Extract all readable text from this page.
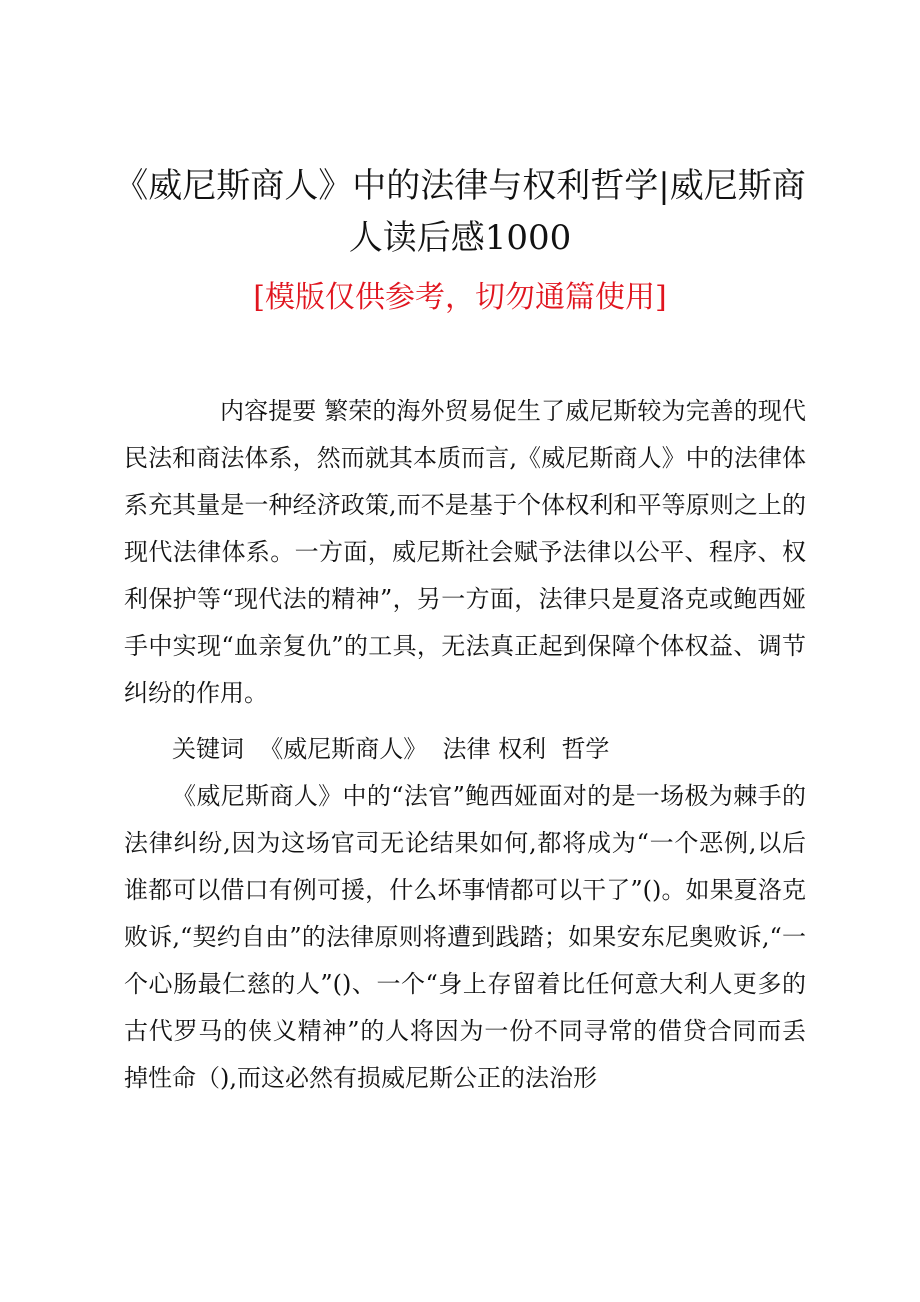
《威尼斯商人》中的法律与权利哲学|威尼斯商人读后感1000

[模版仅供参考，切勿通篇使用]

内容提要 繁荣的海外贸易促生了威尼斯较为完善的现代民法和商法体系，然而就其本质而言,《威尼斯商人》中的法律体系充其量是一种经济政策,而不是基于个体权利和平等原则之上的现代法律体系。一方面，威尼斯社会赋予法律以公平、程序、权利保护等“现代法的精神”，另一方面，法律只是夏洛克或鲍西娅手中实现“血亲复仇”的工具，无法真正起到保障个体权益、调节纠纷的作用。

关键词 《威尼斯商人》 法律 权利 哲学

《威尼斯商人》中的“法官”鲍西娅面对的是一场极为棘手的法律纠纷,因为这场官司无论结果如何,都将成为“一个恶例,以后谁都可以借口有例可援，什么坏事情都可以干了”()。如果夏洛克败诉,“契约自由”的法律原则将遭到践踏；如果安东尼奥败诉,“一个心肠最仁慈的人”()、一个“身上存留着比任何意大利人更多的古代罗马的侠义精神”的人将因为一份不同寻常的借贷合同而丢掉性命（),而这必然有损威尼斯公正的法治形
